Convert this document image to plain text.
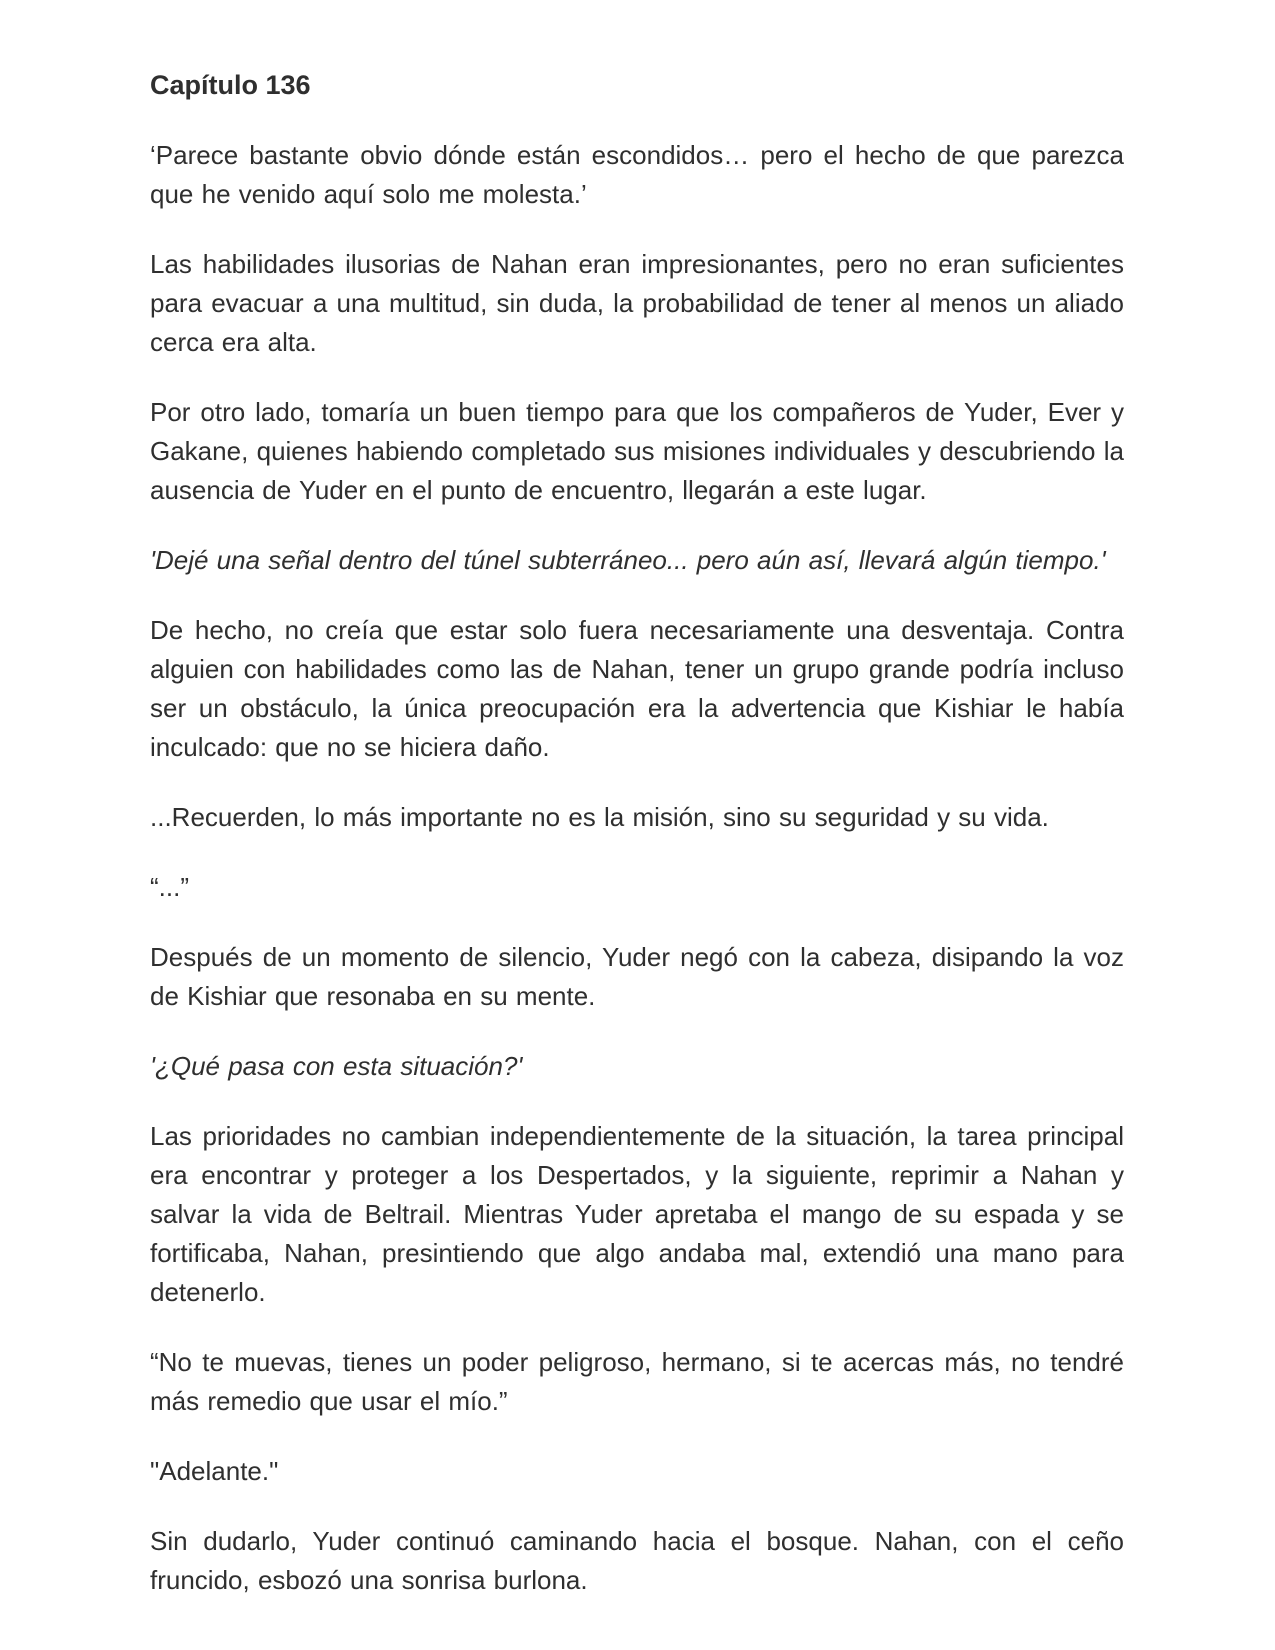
Capítulo 136

‘Parece bastante obvio dónde están escondidos… pero el hecho de que parezca que he venido aquí solo me molesta.’

Las habilidades ilusorias de Nahan eran impresionantes, pero no eran suficientes para evacuar a una multitud, sin duda, la probabilidad de tener al menos un aliado cerca era alta.

Por otro lado, tomaría un buen tiempo para que los compañeros de Yuder, Ever y Gakane, quienes habiendo completado sus misiones individuales y descubriendo la ausencia de Yuder en el punto de encuentro, llegarán a este lugar.

'Dejé una señal dentro del túnel subterráneo... pero aún así, llevará algún tiempo.'

De hecho, no creía que estar solo fuera necesariamente una desventaja. Contra alguien con habilidades como las de Nahan, tener un grupo grande podría incluso ser un obstáculo, la única preocupación era la advertencia que Kishiar le había inculcado: que no se hiciera daño.

...Recuerden, lo más importante no es la misión, sino su seguridad y su vida.

“...”

Después de un momento de silencio, Yuder negó con la cabeza, disipando la voz de Kishiar que resonaba en su mente.

'¿Qué pasa con esta situación?'

Las prioridades no cambian independientemente de la situación, la tarea principal era encontrar y proteger a los Despertados, y la siguiente, reprimir a Nahan y salvar la vida de Beltrail. Mientras Yuder apretaba el mango de su espada y se fortificaba, Nahan, presintiendo que algo andaba mal, extendió una mano para detenerlo.

“No te muevas, tienes un poder peligroso, hermano, si te acercas más, no tendré más remedio que usar el mío.”

"Adelante."

Sin dudarlo, Yuder continuó caminando hacia el bosque. Nahan, con el ceño fruncido, esbozó una sonrisa burlona.
